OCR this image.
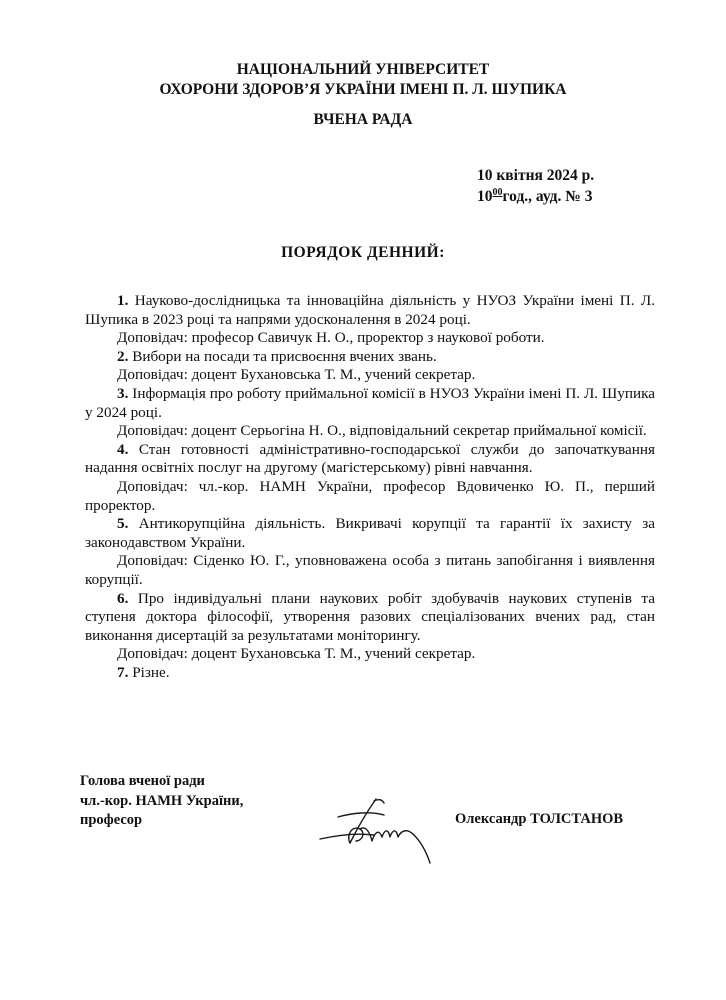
НАЦІОНАЛЬНИЙ УНІВЕРСИТЕТ
ОХОРОНИ ЗДОРОВ’Я УКРАЇНИ ІМЕНІ П. Л. ШУПИКА
ВЧЕНА РАДА
10 квітня 2024 р.
$10^{00}год$., ауд. № 3
ПОРЯДОК ДЕННИЙ:

1. Науково-дослідницька та інноваційна діяльність у НУОЗ України імені П. Л. Шупика в 2023 році та напрями удосконалення в 2024 році.

Доповідач: професор Савичук Н. О., проректор з наукової роботи.

2. Вибори на посади та присвоєння вчених звань.

Доповідач: доцент Бухановська Т. М., учений секретар.

3. Інформація про роботу приймальної комісії в НУОЗ України імені П. Л. Шупика у 2024 році.

Доповідач: доцент Серьогіна Н. О., відповідальний секретар приймальної комісії.

4. Стан готовності адміністративно-господарської служби до започаткування надання освітніх послуг на другому (магістерському) рівні навчання.

Доповідач: чл.-кор. НАМН України, професор Вдовиченко Ю. П., перший проректор.

5. Антикорупційна діяльність. Викривачі корупції та гарантії їх захисту за законодавством України.

Доповідач: Сіденко Ю. Г., уповноважена особа з питань запобігання і виявлення корупції.

6. Про індивідуальні плани наукових робіт здобувачів наукових ступенів та ступеня доктора філософії, утворення разових спеціалізованих вчених рад, стан виконання дисертацій за результатами моніторингу.

Доповідач: доцент Бухановська Т. М., учений секретар.

7. Різне.

Голова вченої ради
чл.-кор. НАМН України,
професор	Олександр ТОЛСТАНОВ
